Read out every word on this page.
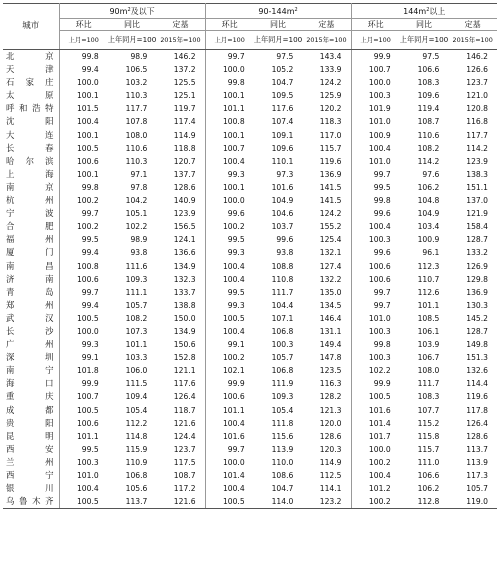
城市	$90m^2$及以下			$90-144m^2$			$144m^2$以上		
	环比	同比	定基	环比	同比	定基	环比	同比	定基
	上月=100	上年同月=100	2015年=100	上月=100	上年同月=100	2015年=100	上月=100	上年同月=100	2015年=100
北京	99.8	98.9	146.2	99.7	97.5	143.4	99.9	97.5	146.2
天津	99.4	106.5	137.2	100.0	105.2	133.9	100.7	106.6	126.6
石家庄	100.0	103.2	125.5	99.8	104.7	124.2	100.0	108.3	123.7
太原	100.1	110.3	125.1	100.1	109.5	125.9	100.3	109.6	121.0
呼和浩特	101.5	117.7	119.7	101.1	117.6	120.2	101.9	119.4	120.8
沈阳	100.4	107.8	117.4	100.8	107.4	118.3	101.0	108.7	116.8
大连	100.1	108.0	114.9	100.1	109.1	117.0	100.9	110.6	117.7
长春	100.5	110.6	118.8	100.7	109.6	115.7	100.4	108.2	114.2
哈尔滨	100.6	110.3	120.7	100.4	110.1	119.6	101.0	114.2	123.9
上海	100.1	97.1	137.7	99.3	97.3	136.9	99.7	97.6	138.3
南京	99.8	97.8	128.6	100.1	101.6	141.5	99.5	106.2	151.1
杭州	100.2	104.2	140.9	100.0	104.9	141.5	99.8	104.8	137.0
宁波	99.7	105.1	123.9	99.6	104.6	124.2	99.6	104.9	121.9
合肥	100.2	102.2	156.5	100.2	103.7	155.2	100.4	103.4	158.4
福州	99.5	98.9	124.1	99.5	99.6	125.4	100.3	100.9	128.7
厦门	99.4	93.8	136.6	99.3	93.8	132.1	99.6	96.1	133.2
南昌	100.8	111.6	134.9	100.4	108.8	127.4	100.6	112.3	126.9
济南	100.6	109.3	132.3	100.4	110.8	132.2	100.6	110.7	129.8
青岛	99.7	111.1	133.7	99.5	111.7	135.0	99.7	112.6	136.9
郑州	99.4	105.7	138.8	99.3	104.4	134.5	99.7	101.1	130.3
武汉	100.5	108.2	150.0	100.5	107.1	146.4	101.0	108.5	145.2
长沙	100.0	107.3	134.9	100.4	106.8	131.1	100.3	106.1	128.7
广州	99.3	101.1	150.6	99.1	100.3	149.4	99.8	103.9	149.8
深圳	99.1	103.3	152.8	100.2	105.7	147.8	100.3	106.7	151.3
南宁	101.8	106.0	121.1	102.1	106.8	123.5	102.2	108.0	132.6
海口	99.9	111.5	117.6	99.9	111.9	116.3	99.9	111.7	114.4
重庆	100.7	109.4	126.4	100.6	109.3	128.2	100.5	108.3	119.6
成都	100.5	105.4	118.7	101.1	105.4	121.3	101.6	107.7	117.8
贵阳	100.6	112.2	121.6	100.4	111.8	120.0	101.4	115.2	126.4
昆明	101.1	114.8	124.4	101.6	115.6	128.6	101.7	115.8	128.6
西安	99.5	115.9	123.7	99.7	113.9	120.3	100.0	115.7	113.7
兰州	100.3	110.9	117.5	100.0	110.0	114.9	100.2	111.0	113.9
西宁	101.0	106.8	108.7	101.4	108.6	112.5	100.4	106.6	117.3
银川	100.4	105.6	117.2	100.4	104.7	114.1	101.2	106.2	105.7
乌鲁木齐	100.5	113.7	121.6	100.5	114.0	123.2	100.2	112.8	119.0
